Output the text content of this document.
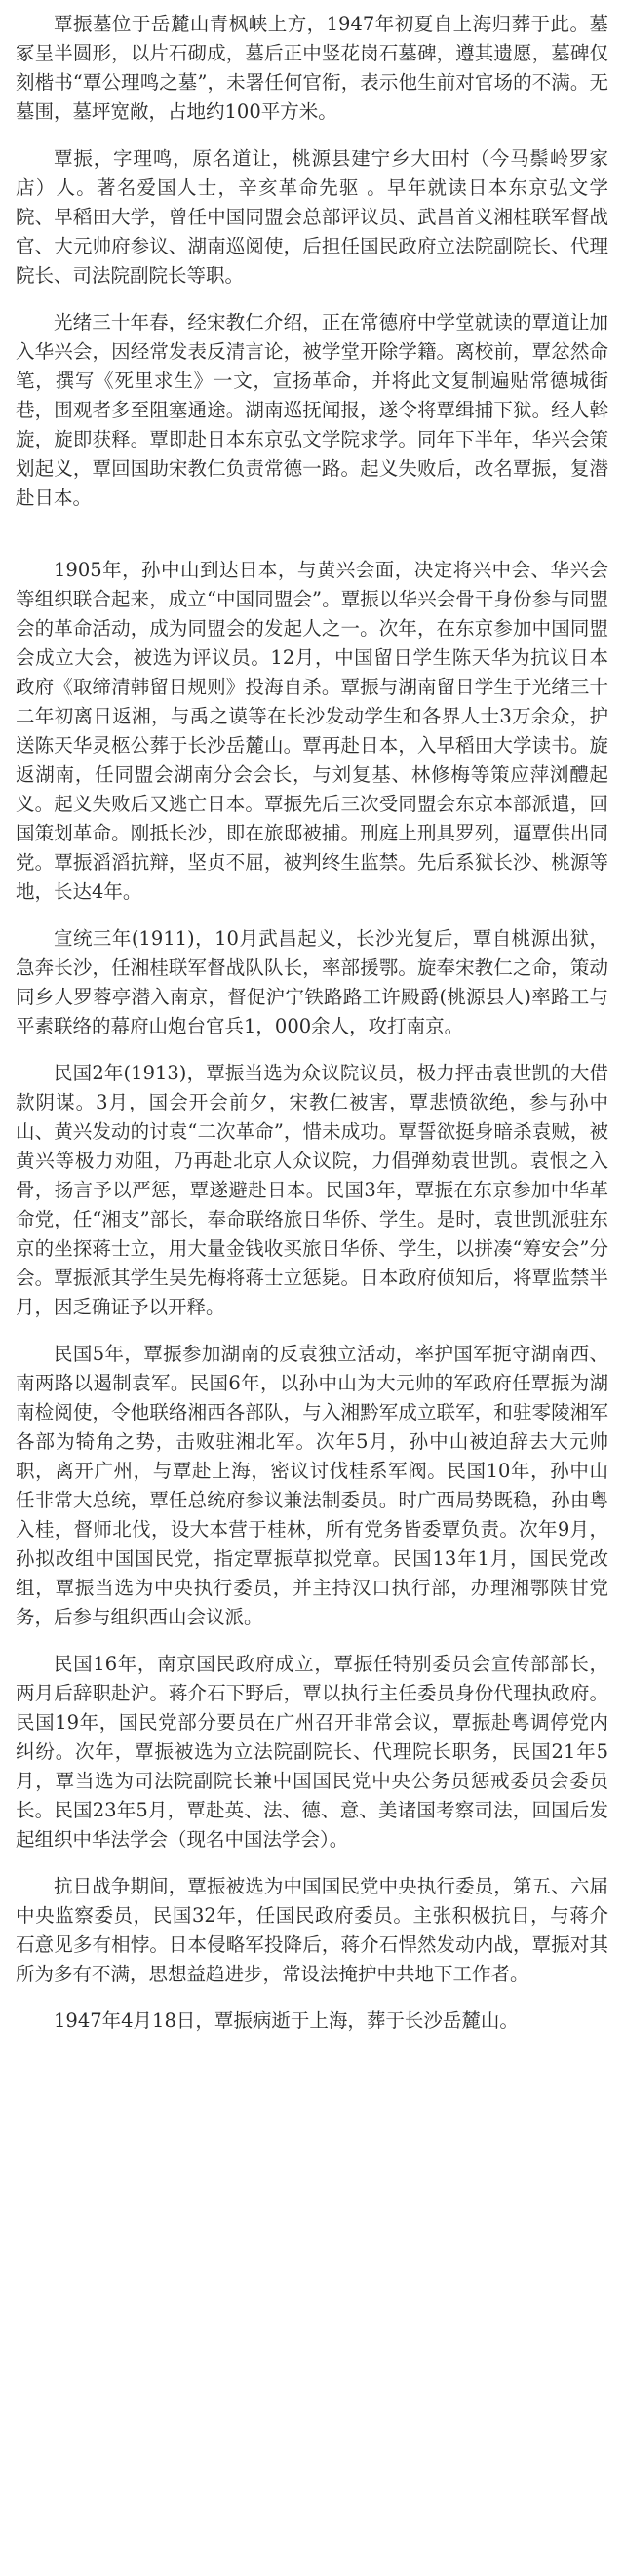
覃振墓位于岳麓山青枫峡上方，1947年初夏自上海归葬于此。墓冢呈半圆形，以片石砌成，墓后正中竖花岗石墓碑，遵其遗愿，墓碑仅刻楷书“覃公理鸣之墓”，未署任何官衔，表示他生前对官场的不满。无墓围，墓坪宽敞，占地约100平方米。

覃振，字理鸣，原名道让，桃源县建宁乡大田村（今马鬃岭罗家店）人。著名爱国人士，辛亥革命先驱 。早年就读日本东京弘文学院、早稻田大学，曾任中国同盟会总部评议员、武昌首义湘桂联军督战官、大元帅府参议、湖南巡阅使，后担任国民政府立法院副院长、代理院长、司法院副院长等职。

光绪三十年春，经宋教仁介绍，正在常德府中学堂就读的覃道让加入华兴会，因经常发表反清言论，被学堂开除学籍。离校前，覃忿然命笔，撰写《死里求生》一文，宣扬革命，并将此文复制遍贴常德城街巷，围观者多至阻塞通途。湖南巡抚闻报，遂令将覃缉捕下狱。经人斡旋，旋即获释。覃即赴日本东京弘文学院求学。同年下半年，华兴会策划起义，覃回国助宋教仁负责常德一路。起义失败后，改名覃振，复潜赴日本。

1905年，孙中山到达日本，与黄兴会面，决定将兴中会、华兴会等组织联合起来，成立“中国同盟会”。覃振以华兴会骨干身份参与同盟会的革命活动，成为同盟会的发起人之一。次年，在东京参加中国同盟会成立大会，被选为评议员。12月，中国留日学生陈天华为抗议日本政府《取缔清韩留日规则》投海自杀。覃振与湖南留日学生于光绪三十二年初离日返湘，与禹之谟等在长沙发动学生和各界人士3万余众，护送陈天华灵柩公葬于长沙岳麓山。覃再赴日本，入早稻田大学读书。旋返湖南，任同盟会湖南分会会长，与刘复基、林修梅等策应萍浏醴起义。起义失败后又逃亡日本。覃振先后三次受同盟会东京本部派遣，回国策划革命。刚抵长沙，即在旅邸被捕。刑庭上刑具罗列，逼覃供出同党。覃振滔滔抗辩，坚贞不屈，被判终生监禁。先后系狱长沙、桃源等地，长达4年。

宣统三年(1911)，10月武昌起义，长沙光复后，覃自桃源出狱，急奔长沙，任湘桂联军督战队队长，率部援鄂。旋奉宋教仁之命，策动同乡人罗蓉亭潜入南京，督促沪宁铁路路工许殿爵(桃源县人)率路工与平素联络的幕府山炮台官兵1，000余人，攻打南京。

民国2年(1913)，覃振当选为众议院议员，极力抨击袁世凯的大借款阴谋。3月，国会开会前夕，宋教仁被害，覃悲愤欲绝，参与孙中山、黄兴发动的讨袁“二次革命”，惜未成功。覃誓欲挺身暗杀袁贼，被黄兴等极力劝阻，乃再赴北京人众议院，力倡弹劾袁世凯。袁恨之入骨，扬言予以严惩，覃遂避赴日本。民国3年，覃振在东京参加中华革命党，任“湘支”部长，奉命联络旅日华侨、学生。是时，袁世凯派驻东京的坐探蒋士立，用大量金钱收买旅日华侨、学生，以拼凑“筹安会”分会。覃振派其学生吴先梅将蒋士立惩毙。日本政府侦知后，将覃监禁半月，因乏确证予以开释。

民国5年，覃振参加湖南的反袁独立活动，率护国军扼守湖南西、南两路以遏制袁军。民国6年，以孙中山为大元帅的军政府任覃振为湖南检阅使，令他联络湘西各部队，与入湘黔军成立联军，和驻零陵湘军各部为犄角之势，击败驻湘北军。次年5月，孙中山被迫辞去大元帅职，离开广州，与覃赴上海，密议讨伐桂系军阀。民国10年，孙中山任非常大总统，覃任总统府参议兼法制委员。时广西局势既稳，孙由粤入桂，督师北伐，设大本营于桂林，所有党务皆委覃负责。次年9月，孙拟改组中国国民党，指定覃振草拟党章。民国13年1月，国民党改组，覃振当选为中央执行委员，并主持汉口执行部，办理湘鄂陕甘党务，后参与组织西山会议派。

民国16年，南京国民政府成立，覃振任特别委员会宣传部部长，两月后辞职赴沪。蒋介石下野后，覃以执行主任委员身份代理执政府。民国19年，国民党部分要员在广州召开非常会议，覃振赴粤调停党内纠纷。次年，覃振被选为立法院副院长、代理院长职务，民国21年5月，覃当选为司法院副院长兼中国国民党中央公务员惩戒委员会委员长。民国23年5月，覃赴英、法、德、意、美诸国考察司法，回国后发起组织中华法学会（现名中国法学会）。

抗日战争期间，覃振被选为中国国民党中央执行委员，第五、六届中央监察委员，民国32年，任国民政府委员。主张积极抗日，与蒋介石意见多有相悖。日本侵略军投降后，蒋介石悍然发动内战，覃振对其所为多有不满，思想益趋进步，常设法掩护中共地下工作者。

1947年4月18日，覃振病逝于上海，葬于长沙岳麓山。
